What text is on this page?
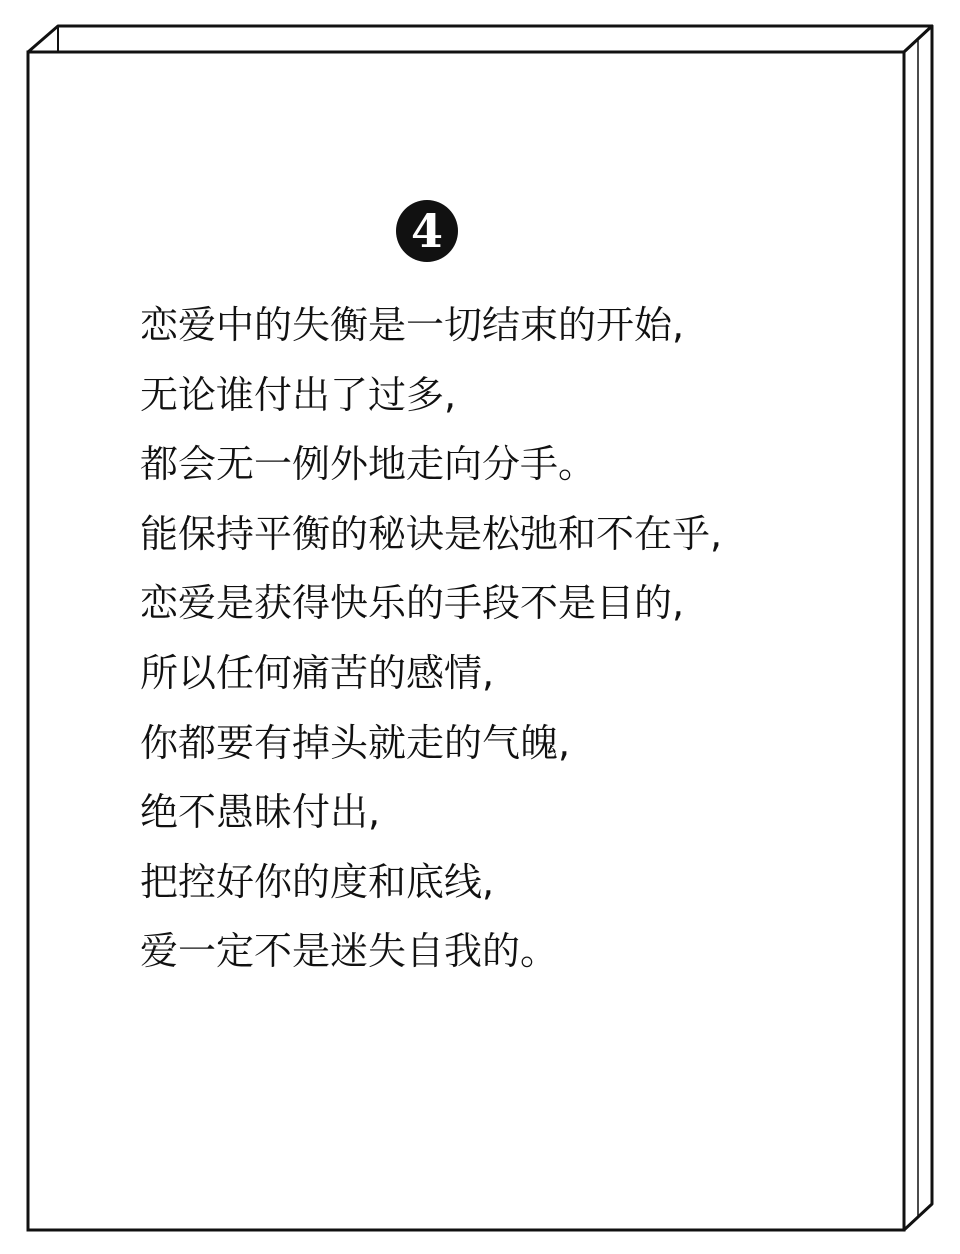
4
恋爱中的失衡是一切结束的开始,
无论谁付出了过多,
都会无一例外地走向分手。
能保持平衡的秘诀是松弛和不在乎,
恋爱是获得快乐的手段不是目的,
所以任何痛苦的感情,
你都要有掉头就走的气魄,
绝不愚昧付出,
把控好你的度和底线,
爱一定不是迷失自我的。
